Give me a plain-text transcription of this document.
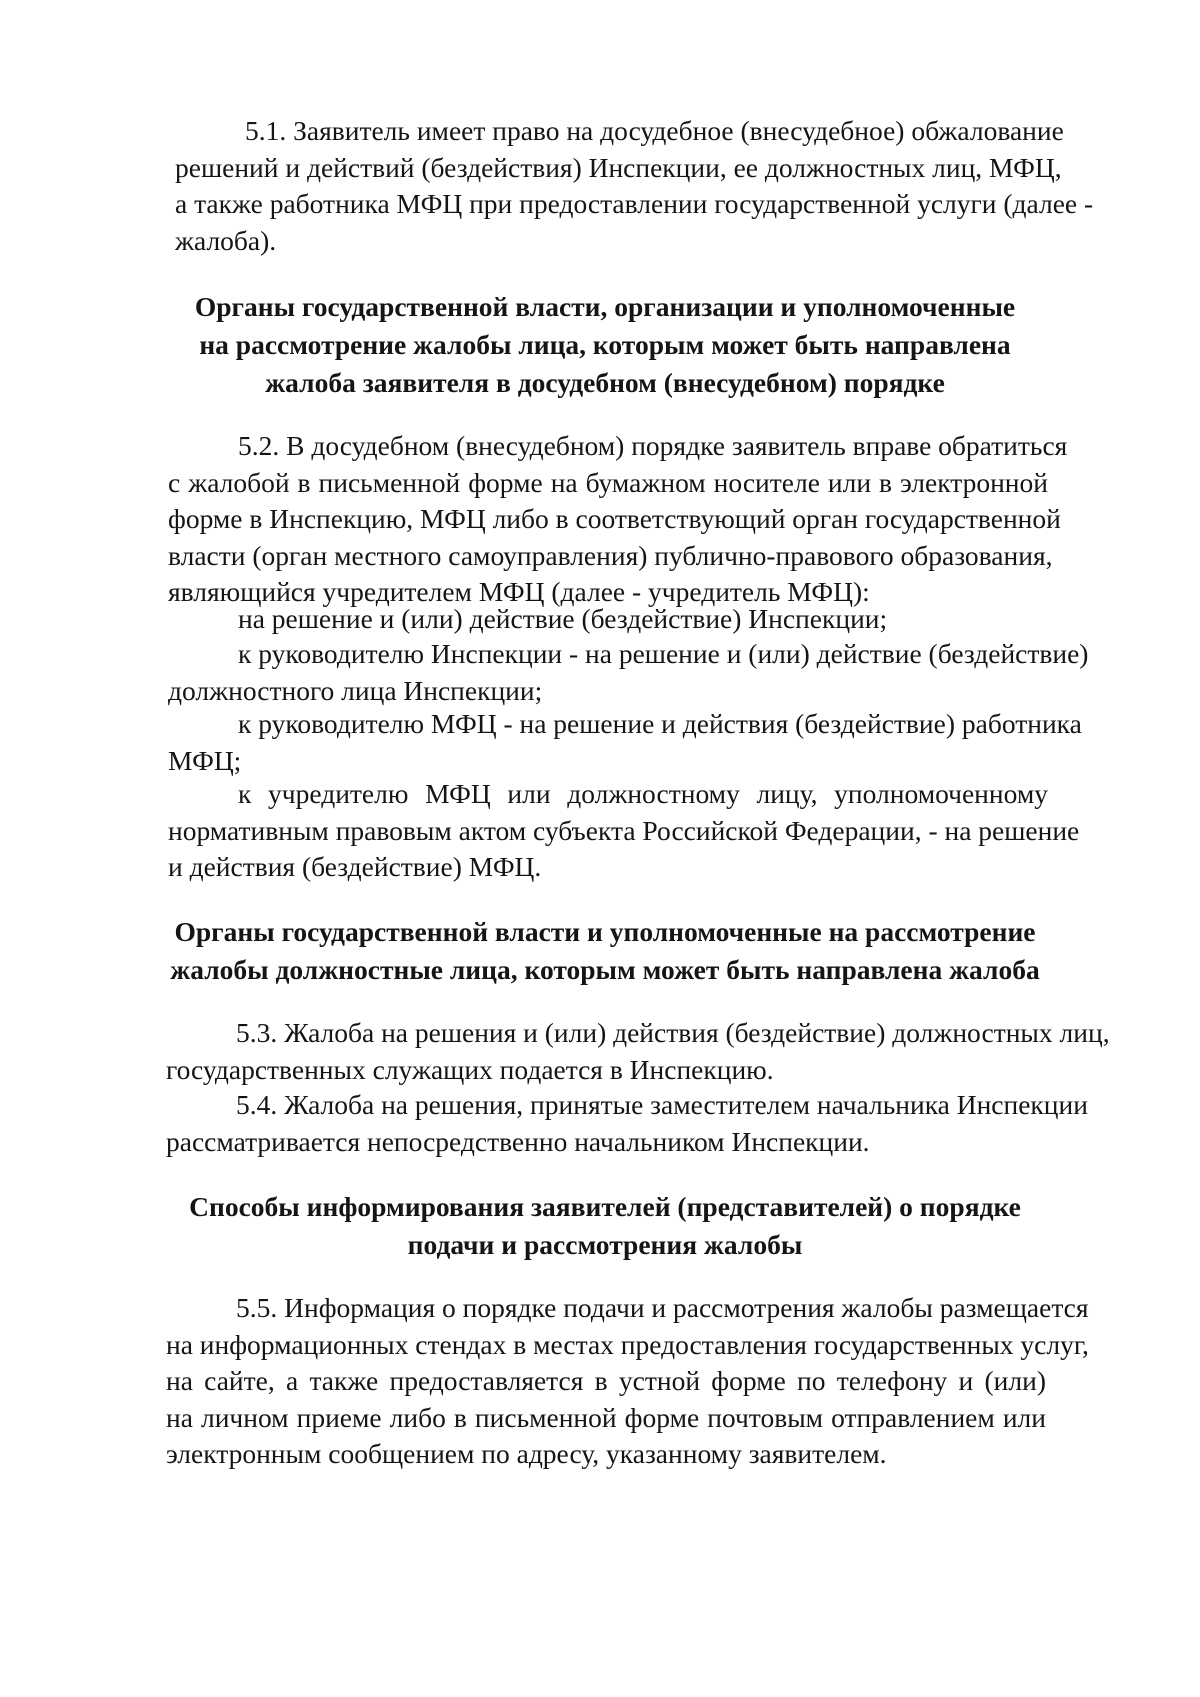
5.1. Заявитель имеет право на досудебное (внесудебное) обжалование
решений и действий (бездействия) Инспекции, ее должностных лиц, МФЦ,
а также работника МФЦ при предоставлении государственной услуги (далее -
жалоба).
Органы государственной власти, организации и уполномоченные
на рассмотрение жалобы лица, которым может быть направлена
жалоба заявителя в досудебном (внесудебном) порядке
5.2. В досудебном (внесудебном) порядке заявитель вправе обратиться
с жалобой в письменной форме на бумажном носителе или в электронной
форме в Инспекцию, МФЦ либо в соответствующий орган государственной
власти (орган местного самоуправления) публично-правового образования,
являющийся учредителем МФЦ (далее - учредитель МФЦ):
на решение и (или) действие (бездействие) Инспекции;
к руководителю Инспекции - на решение и (или) действие (бездействие)
должностного лица Инспекции;
к руководителю МФЦ - на решение и действия (бездействие) работника
МФЦ;
к учредителю МФЦ или должностному лицу, уполномоченному
нормативным правовым актом субъекта Российской Федерации, - на решение
и действия (бездействие) МФЦ.
Органы государственной власти и уполномоченные на рассмотрение
жалобы должностные лица, которым может быть направлена жалоба
5.3. Жалоба на решения и (или) действия (бездействие) должностных лиц,
государственных служащих подается в Инспекцию.
5.4. Жалоба на решения, принятые заместителем начальника Инспекции
рассматривается непосредственно начальником Инспекции.
Способы информирования заявителей (представителей) о порядке
подачи и рассмотрения жалобы
5.5. Информация о порядке подачи и рассмотрения жалобы размещается
на информационных стендах в местах предоставления государственных услуг,
на сайте, а также предоставляется в устной форме по телефону и (или)
на личном приеме либо в письменной форме почтовым отправлением или
электронным сообщением по адресу, указанному заявителем.
